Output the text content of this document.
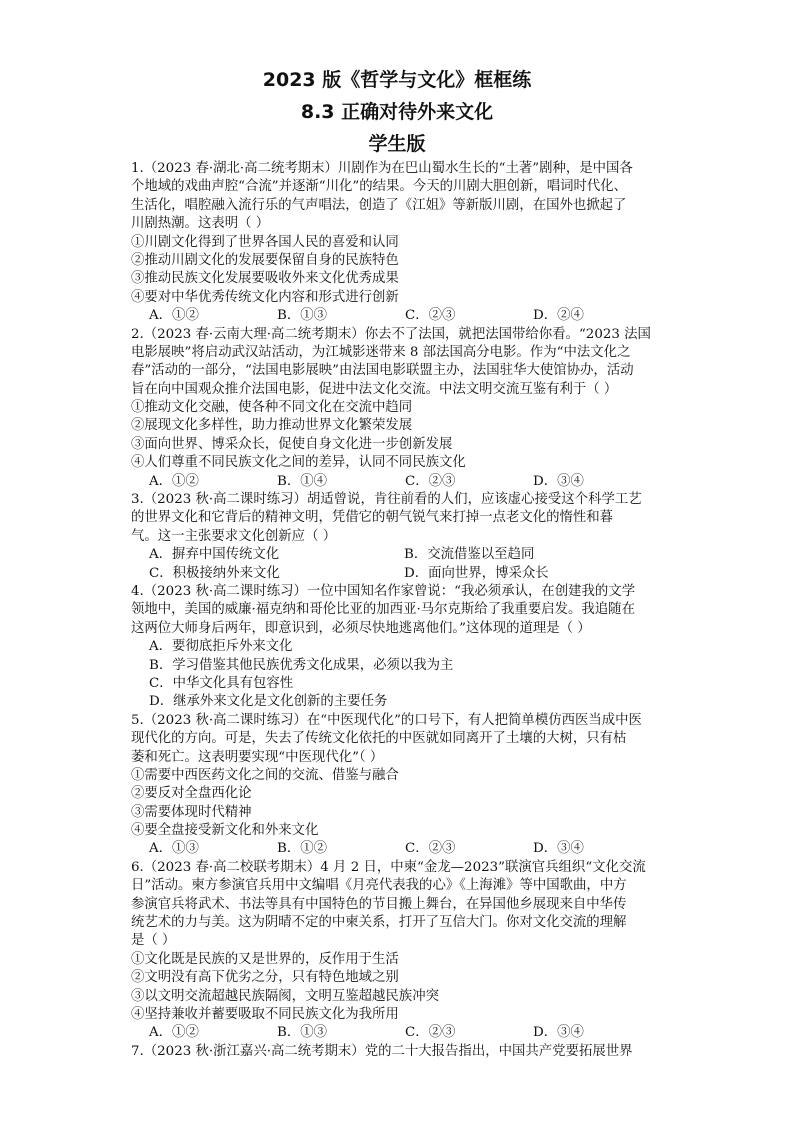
2023 版《哲学与文化》框框练
8.3 正确对待外来文化
学生版
1.（2023 春·湖北·高二统考期末）川剧作为在巴山蜀水生长的“土著”剧种，是中国各
个地域的戏曲声腔“合流”并逐渐“川化”的结果。今天的川剧大胆创新，唱词时代化、
生活化，唱腔融入流行乐的气声唱法，创造了《江姐》等新版川剧，在国外也掀起了
川剧热潮。这表明（ ）
①川剧文化得到了世界各国人民的喜爱和认同
②推动川剧文化的发展要保留自身的民族特色
③推动民族文化发展要吸收外来文化优秀成果
④要对中华优秀传统文化内容和形式进行创新
A．①②	B．①③	C．②③	D．②④
2.（2023 春·云南大理·高二统考期末）你去不了法国，就把法国带给你看。“2023 法国
电影展映”将启动武汉站活动，为江城影迷带来 8 部法国高分电影。作为“中法文化之
春”活动的一部分，“法国电影展映”由法国电影联盟主办，法国驻华大使馆协办，活动
旨在向中国观众推介法国电影，促进中法文化交流。中法文明交流互鉴有利于（ ）
①推动文化交融，使各种不同文化在交流中趋同
②展现文化多样性，助力推动世界文化繁荣发展
③面向世界、博采众长，促使自身文化进一步创新发展
④人们尊重不同民族文化之间的差异，认同不同民族文化
A．①②	B．①④	C．②③	D．③④
3.（2023 秋·高二课时练习）胡适曾说，肯往前看的人们，应该虚心接受这个科学工艺
的世界文化和它背后的精神文明，凭借它的朝气锐气来打掉一点老文化的惰性和暮
气。这一主张要求文化创新应（ ）
A．摒弃中国传统文化	B．交流借鉴以至趋同
C．积极接纳外来文化	D．面向世界，博采众长
4.（2023 秋·高二课时练习）一位中国知名作家曾说：“我必须承认，在创建我的文学
领地中，美国的威廉·福克纳和哥伦比亚的加西亚·马尔克斯给了我重要启发。我追随在
这两位大师身后两年，即意识到，必须尽快地逃离他们。”这体现的道理是（ ）
A．要彻底拒斥外来文化
B．学习借鉴其他民族优秀文化成果，必须以我为主
C．中华文化具有包容性
D．继承外来文化是文化创新的主要任务
5.（2023 秋·高二课时练习）在“中医现代化”的口号下，有人把简单模仿西医当成中医
现代化的方向。可是，失去了传统文化依托的中医就如同离开了土壤的大树，只有枯
萎和死亡。这表明要实现“中医现代化”（ ）
①需要中西医药文化之间的交流、借鉴与融合
②要反对全盘西化论
③需要体现时代精神
④要全盘接受新文化和外来文化
A．①③	B．①②	C．②③	D．③④
6.（2023 春·高二校联考期末）4 月 2 日，中柬“金龙—2023”联演官兵组织“文化交流
日”活动。柬方参演官兵用中文编唱《月亮代表我的心》《上海滩》等中国歌曲，中方
参演官兵将武术、书法等具有中国特色的节目搬上舞台，在异国他乡展现来自中华传
统艺术的力与美。这为阴晴不定的中柬关系，打开了互信大门。你对文化交流的理解
是（ ）
①文化既是民族的又是世界的，反作用于生活
②文明没有高下优劣之分，只有特色地域之别
③以文明交流超越民族隔阂，文明互鉴超越民族冲突
④坚持兼收并蓄要吸取不同民族文化为我所用
A．①②	B．①③	C．②③	D．③④
7.（2023 秋·浙江嘉兴·高二统考期末）党的二十大报告指出，中国共产党要拓展世界
